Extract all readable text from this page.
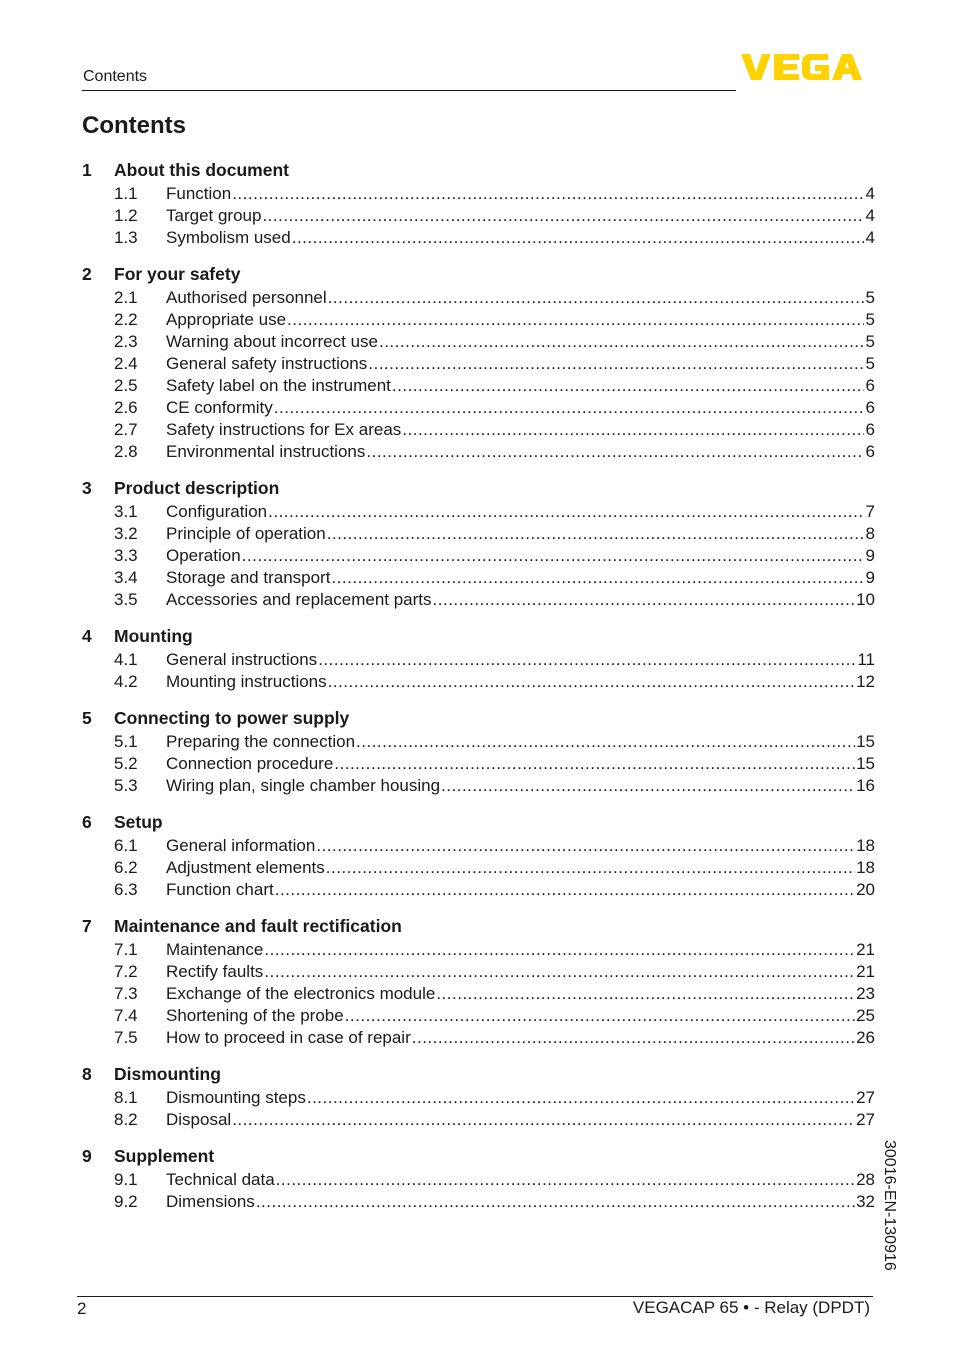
Contents
Contents
1	About this document
1.1	Function .....	4
1.2	Target group .....	4
1.3	Symbolism used .....	4
2	For your safety
2.1	Authorised personnel .....	5
2.2	Appropriate use .....	5
2.3	Warning about incorrect use .....	5
2.4	General safety instructions .....	5
2.5	Safety label on the instrument .....	6
2.6	CE conformity .....	6
2.7	Safety instructions for Ex areas .....	6
2.8	Environmental instructions .....	6
3	Product description
3.1	Configuration .....	7
3.2	Principle of operation .....	8
3.3	Operation .....	9
3.4	Storage and transport .....	9
3.5	Accessories and replacement parts .....	10
4	Mounting
4.1	General instructions .....	11
4.2	Mounting instructions .....	12
5	Connecting to power supply
5.1	Preparing the connection .....	15
5.2	Connection procedure .....	15
5.3	Wiring plan, single chamber housing .....	16
6	Setup
6.1	General information .....	18
6.2	Adjustment elements .....	18
6.3	Function chart .....	20
7	Maintenance and fault rectification
7.1	Maintenance .....	21
7.2	Rectify faults .....	21
7.3	Exchange of the electronics module .....	23
7.4	Shortening of the probe .....	25
7.5	How to proceed in case of repair .....	26
8	Dismounting
8.1	Dismounting steps .....	27
8.2	Disposal .....	27
9	Supplement
9.1	Technical data .....	28
9.2	Dimensions .....	32 30016-EN-130916
2	VEGACAP 65 • - Relay (DPDT)
